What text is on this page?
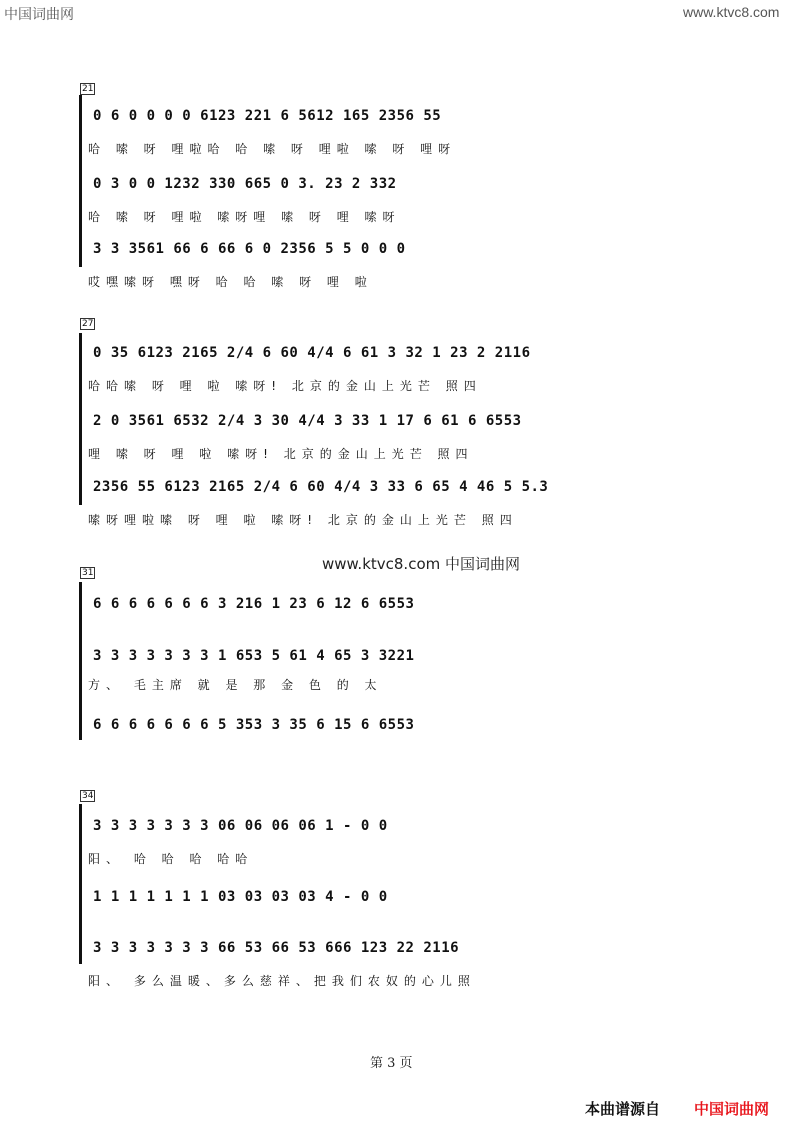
中国词曲网	www.ktvc8.com
21
0 6 0 0 0 0 6123 221 6 5612 165 2356 55
哈 嗦 呀 哩啦哈 哈 嗦 呀 哩啦 嗦 呀 哩呀
0 3 0 0 1232 330 665 0 3. 23 2 332
哈 嗦 呀 哩啦 嗦呀哩 嗦 呀 哩 嗦呀
3 3 3561 66 6 66 6 0 2356 5 5 0 0 0
哎嘿嗦呀 嘿呀 哈 哈 嗦 呀 哩 啦
27
0 35 6123 2165 2/4 6 60 4/4 6 61 3 32 1 23 2 2116
哈哈嗦 呀 哩 啦 嗦呀! 北京的金山上光芒 照四
2 0 3561 6532 2/4 3 30 4/4 3 33 1 17 6 61 6 6553
哩 嗦 呀 哩 啦 嗦呀! 北京的金山上光芒 照四
2356 55 6123 2165 2/4 6 60 4/4 3 33 6 65 4 46 5 5.3
嗦呀哩啦嗦 呀 哩 啦 嗦呀! 北京的金山上光芒 照四
www.ktvc8.com 中国词曲网
31
6 6 6 6 6 6 6 3 216 1 23 6 12 6 6553
3 3 3 3 3 3 3 1 653 5 61 4 65 3 3221
方、 毛主席 就 是 那 金 色 的 太
6 6 6 6 6 6 6 5 353 3 35 6 15 6 6553
34
3 3 3 3 3 3 3 06 06 06 06 1 - 0 0
阳、 哈 哈 哈 哈哈
1 1 1 1 1 1 1 03 03 03 03 4 - 0 0
3 3 3 3 3 3 3 66 53 66 53 666 123 22 2116
阳、 多么温暖、多么慈祥、把我们农奴的心儿照
第 3 页
本曲谱源自 中国词曲网
